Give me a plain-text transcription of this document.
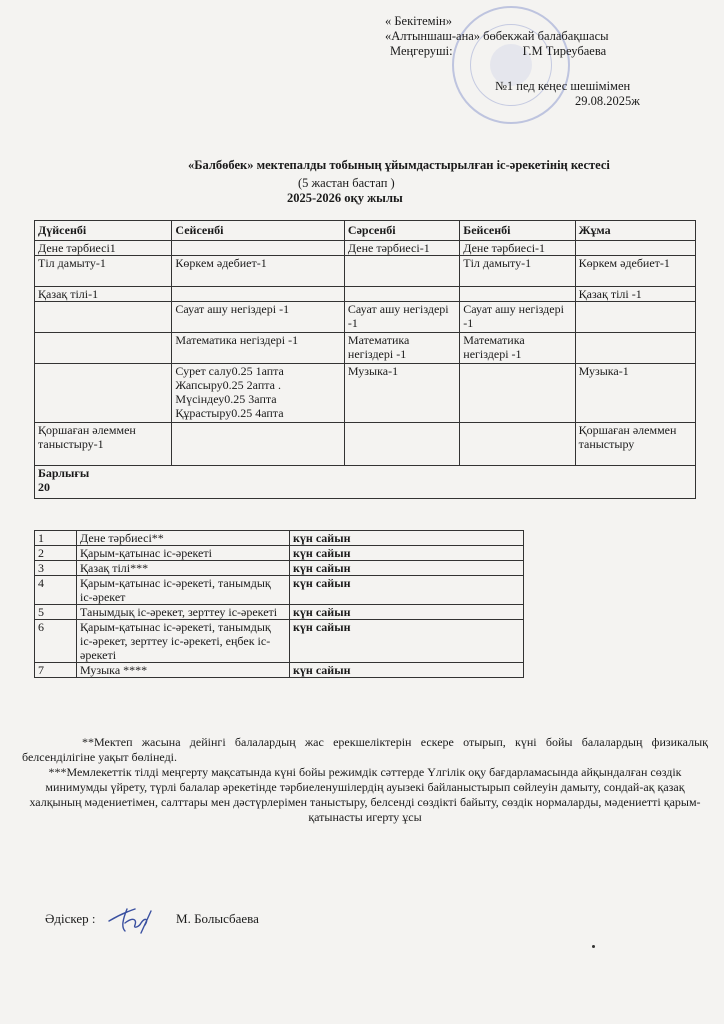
« Бекітемін»
«Алтыншаш-ана» бөбекжай балабақшасы
Меңгеруші:	Г.М Тиреубаева
№1 пед кеңес шешімімен
29.08.2025ж
«Балбөбек» мектепалды тобының ұйымдастырылған іс-әрекетінің кестесі
(5 жастан бастап )
2025-2026 оқу жылы
Дүйсенбі	Сейсенбі	Сәрсенбі	Бейсенбі	Жұма
Дене тәрбиесі1		Дене тәрбиесі-1	Дене тәрбиесі-1	
Тіл дамыту-1	Көркем әдебиет-1		Тіл дамыту-1	Көркем әдебиет-1
Қазақ тілі-1				Қазақ тілі -1
	Сауат ашу негіздері -1	Сауат ашу негіздері -1	Сауат ашу негіздері -1	
	Математика негіздері -1	Математика негіздері -1	Математика негіздері -1	
	Сурет салу0.25 1апта
Жапсыру0.25 2апта .
Мүсіндеу0.25 3апта
Құрастыру0.25 4апта	Музыка-1		Музыка-1
Қоршаған әлеммен таныстыру-1				Қоршаған әлеммен таныстыру

Барлығы
20				
1	Дене тәрбиесі**	күн сайын
2	Қарым-қатынас іс-әрекеті	күн сайын
3	Қазақ тілі***	күн сайын
4	Қарым-қатынас іс-әрекеті, танымдық іс-әрекет	күн сайын
5	Танымдық іс-әрекет, зерттеу іс-әрекеті	күн сайын
6	Қарым-қатынас іс-әрекеті, танымдық іс-әрекет, зерттеу іс-әрекеті, еңбек іс-әрекеті	күн сайын
7	Музыка ****	күн сайын

**Мектеп жасына дейінгі балалардың жас ерекшеліктерін ескере отырып, күні бойы балалардың физикалық белсенділігіне уақыт бөлінеді.

***Мемлекеттік тілді меңгерту мақсатында күні бойы режимдік сәттерде Үлгілік оқу бағдарламасында айқындалған сөздік минимумды үйрету, түрлі балалар әрекетінде тәрбиеленушілердің ауызекі байланыстырып сөйлеуін дамыту, сондай-ақ қазақ халқының мәдениетімен, салттары мен дәстүрлерімен таныстыру, белсенді сөздікті байыту, сөздік нормаларды, мәдениетті қарым-қатынасты игерту ұсы

Әдіскер :	М. Болысбаева
